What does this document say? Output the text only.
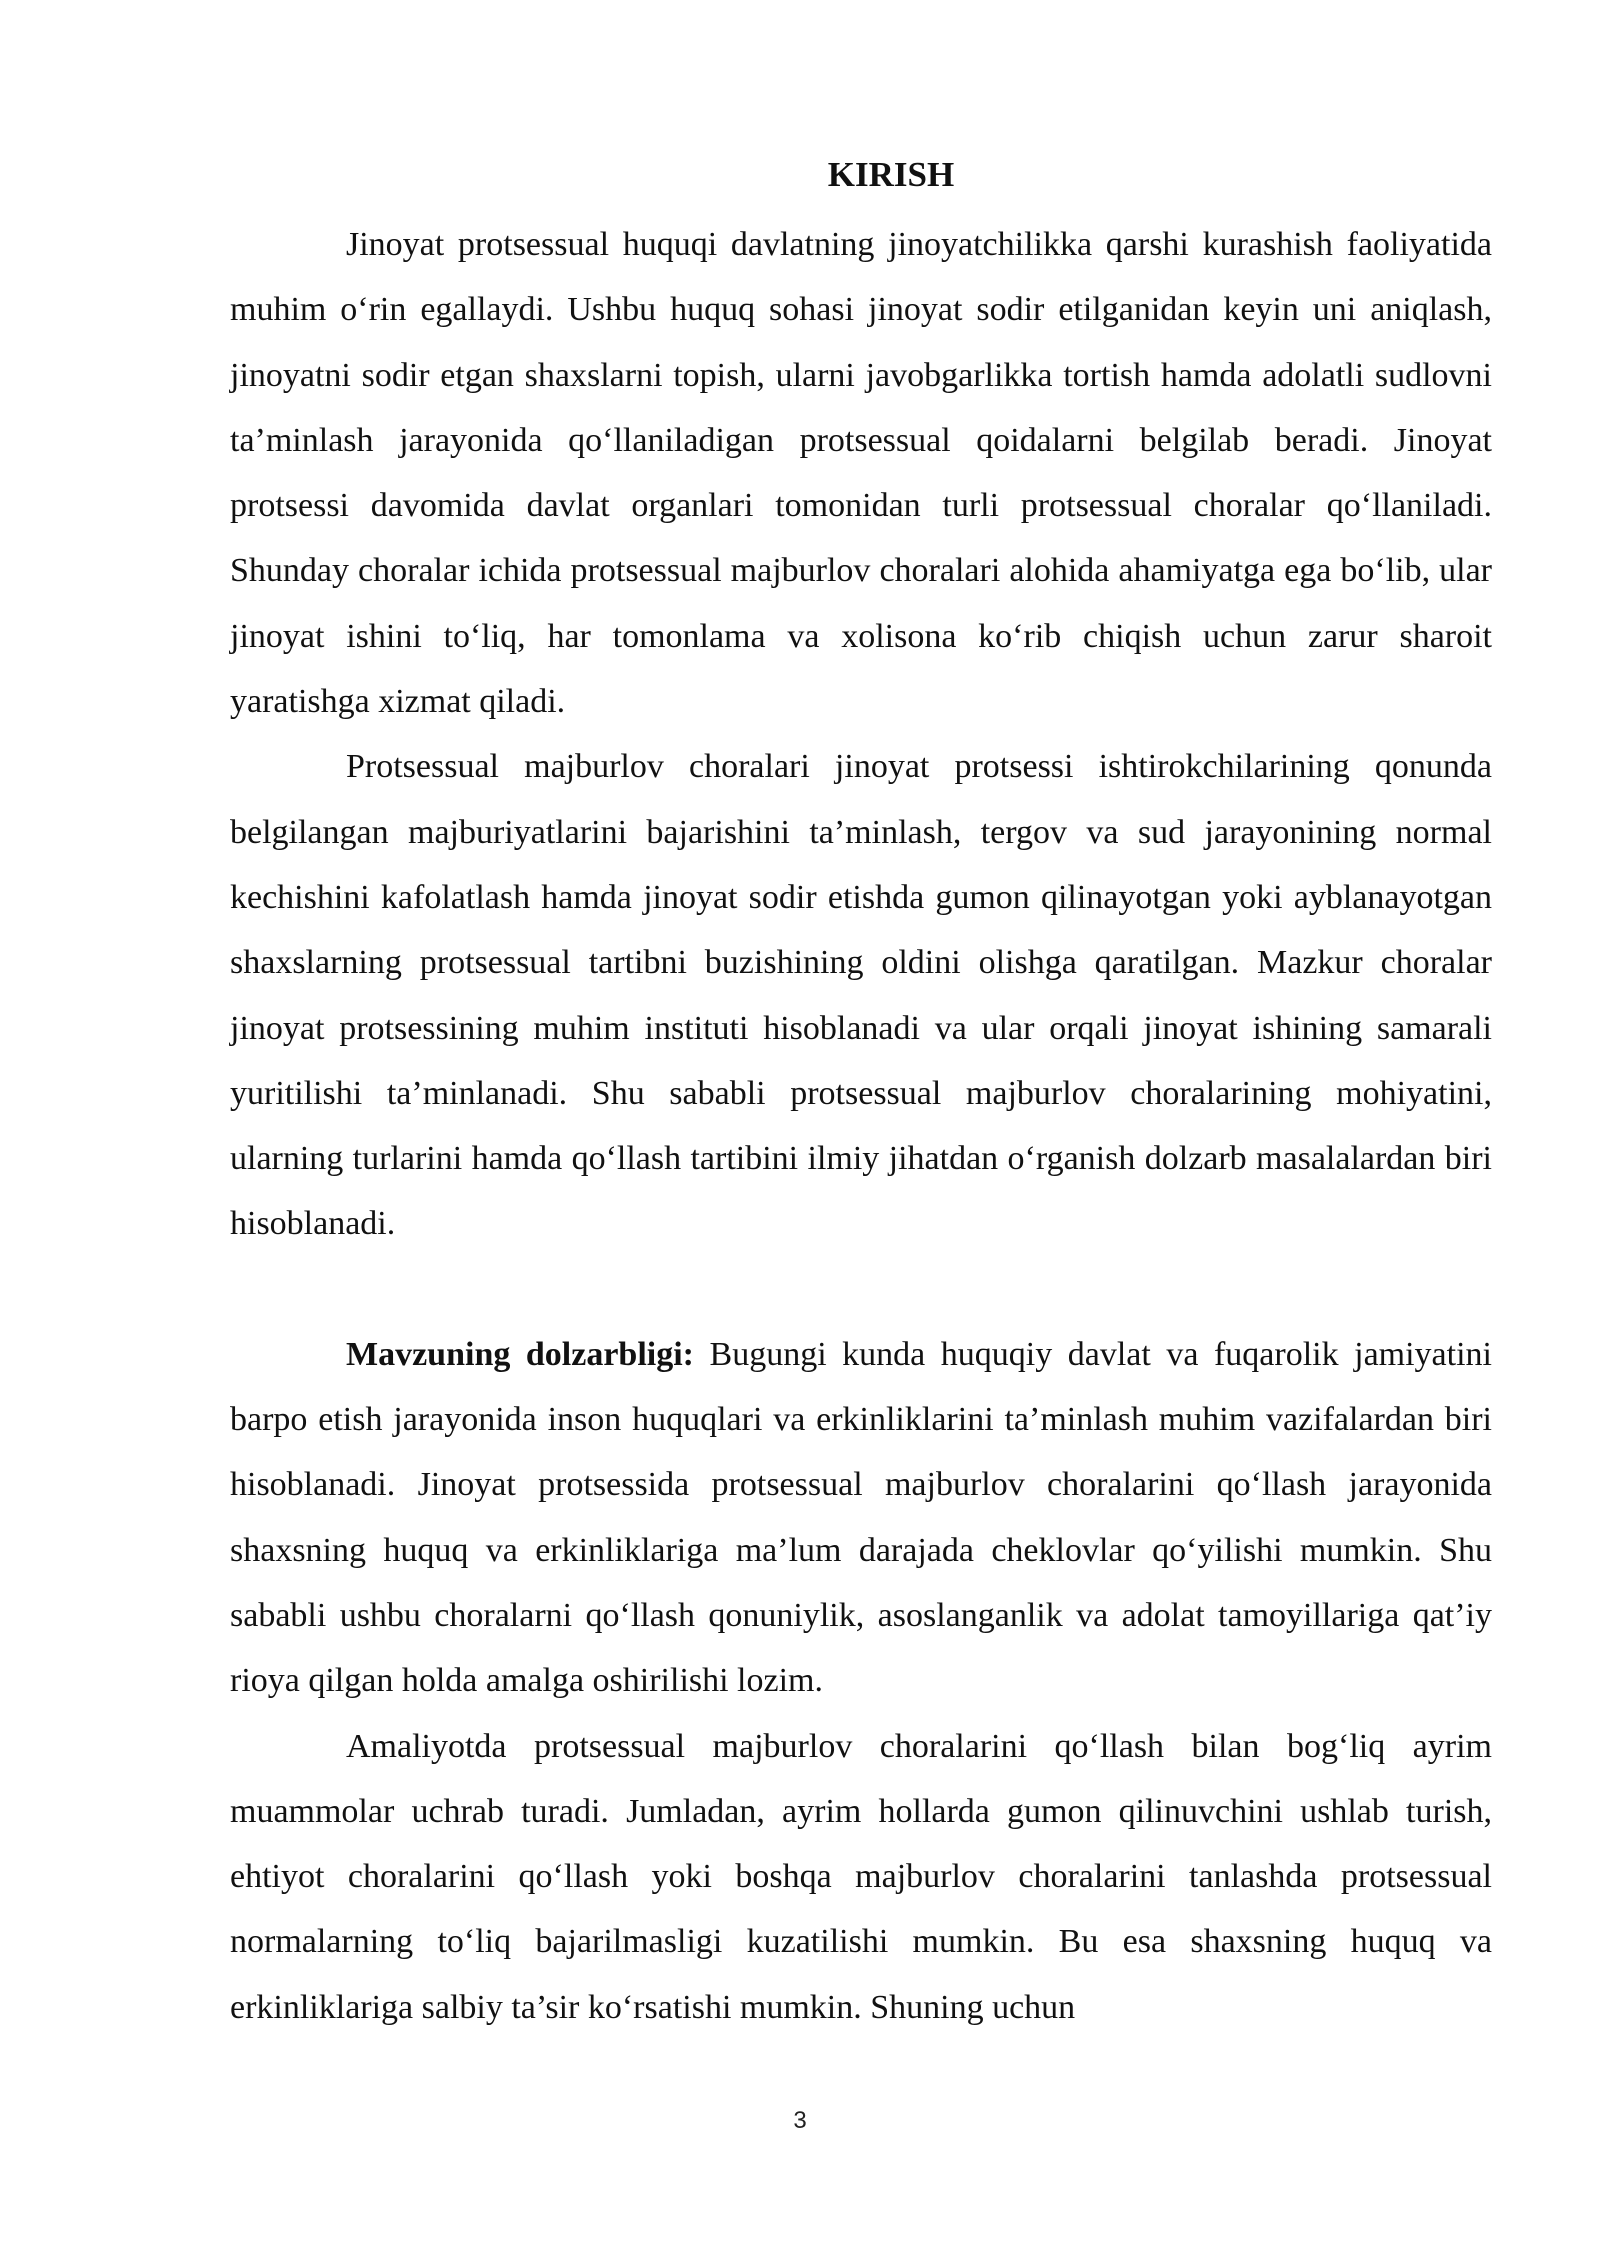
KIRISH

Jinoyat protsessual huquqi davlatning jinoyatchilikka qarshi kurashish faoliyatida muhim o‘rin egallaydi. Ushbu huquq sohasi jinoyat sodir etilganidan keyin uni aniqlash, jinoyatni sodir etgan shaxslarni topish, ularni javobgarlikka tortish hamda adolatli sudlovni ta’minlash jarayonida qo‘llaniladigan protsessual qoidalarni belgilab beradi. Jinoyat protsessi davomida davlat organlari tomonidan turli protsessual choralar qo‘llaniladi. Shunday choralar ichida protsessual majburlov choralari alohida ahamiyatga ega bo‘lib, ular jinoyat ishini to‘liq, har tomonlama va xolisona ko‘rib chiqish uchun zarur sharoit yaratishga xizmat qiladi.

Protsessual majburlov choralari jinoyat protsessi ishtirokchilarining qonunda belgilangan majburiyatlarini bajarishini ta’minlash, tergov va sud jarayonining normal kechishini kafolatlash hamda jinoyat sodir etishda gumon qilinayotgan yoki ayblanayotgan shaxslarning protsessual tartibni buzishining oldini olishga qaratilgan. Mazkur choralar jinoyat protsessining muhim instituti hisoblanadi va ular orqali jinoyat ishining samarali yuritilishi ta’minlanadi. Shu sababli protsessual majburlov choralarining mohiyatini, ularning turlarini hamda qo‘llash tartibini ilmiy jihatdan o‘rganish dolzarb masalalardan biri hisoblanadi.

Mavzuning dolzarbligi: Bugungi kunda huquqiy davlat va fuqarolik jamiyatini barpo etish jarayonida inson huquqlari va erkinliklarini ta’minlash muhim vazifalardan biri hisoblanadi. Jinoyat protsessida protsessual majburlov choralarini qo‘llash jarayonida shaxsning huquq va erkinliklariga ma’lum darajada cheklovlar qo‘yilishi mumkin. Shu sababli ushbu choralarni qo‘llash qonuniylik, asoslanganlik va adolat tamoyillariga qat’iy rioya qilgan holda amalga oshirilishi lozim.

Amaliyotda protsessual majburlov choralarini qo‘llash bilan bog‘liq ayrim muammolar uchrab turadi. Jumladan, ayrim hollarda gumon qilinuvchini ushlab turish, ehtiyot choralarini qo‘llash yoki boshqa majburlov choralarini tanlashda protsessual normalarning to‘liq bajarilmasligi kuzatilishi mumkin. Bu esa shaxsning huquq va erkinliklariga salbiy ta’sir ko‘rsatishi mumkin. Shuning uchun

3
